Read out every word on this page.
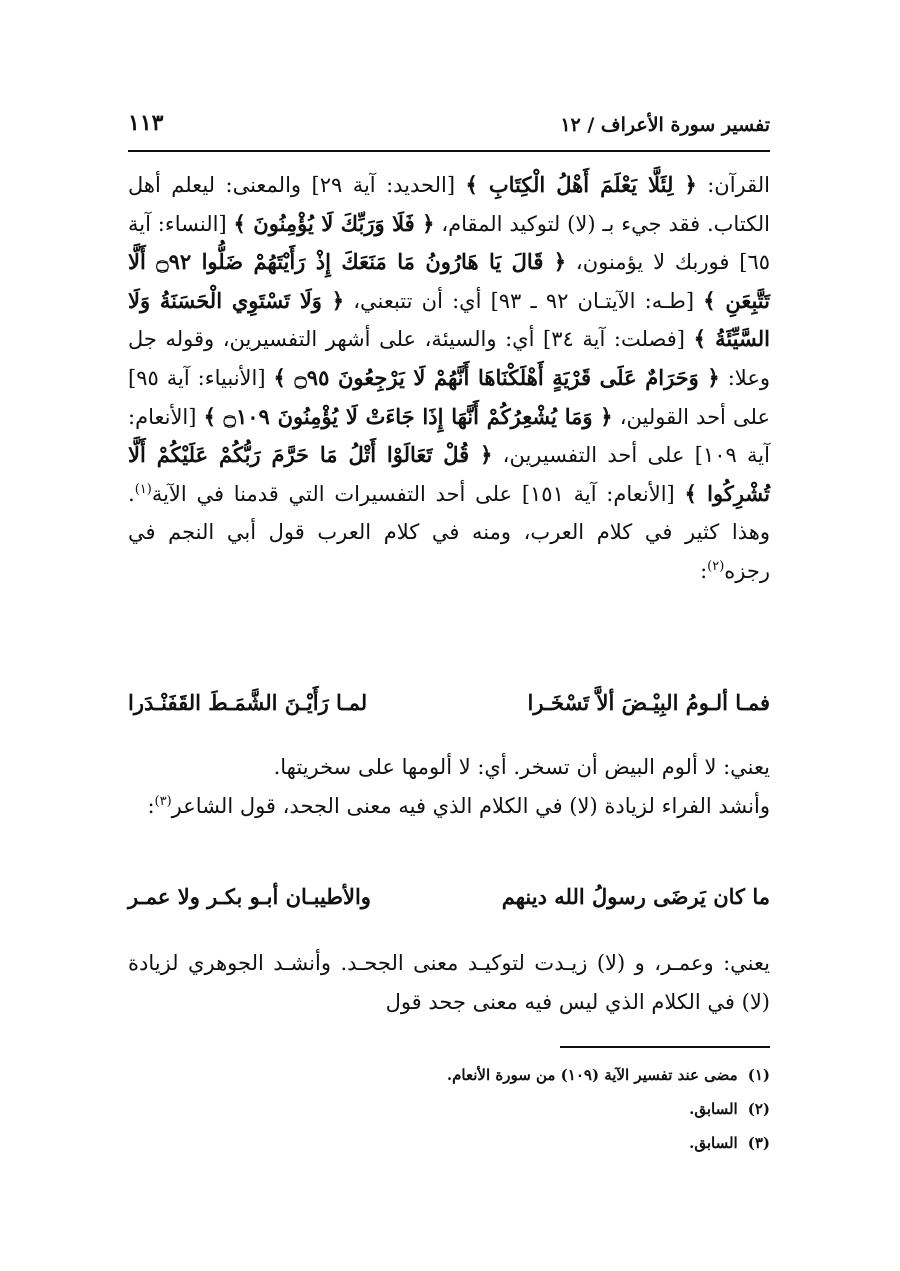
تفسير سورة الأعراف / ١٢
١١٣

القرآن: ﴿ لِئَلَّا يَعْلَمَ أَهْلُ الْكِتَابِ ﴾ [الحديد: آية ٢٩] والمعنى: ليعلم أهل الكتاب. فقد جيء بـ (لا) لتوكيد المقام، ﴿ فَلَا وَرَبِّكَ لَا يُؤْمِنُونَ ﴾ [النساء: آية ٦٥] فوربك لا يؤمنون، ﴿ قَالَ يَا هَارُونُ مَا مَنَعَكَ إِذْ رَأَيْتَهُمْ ضَلُّوا ۝٩٢ أَلَّا تَتَّبِعَنِ ﴾ [طـه: الآيتـان ٩٢ ـ ٩٣] أي: أن تتبعني، ﴿ وَلَا تَسْتَوِي الْحَسَنَةُ وَلَا السَّيِّئَةُ ﴾ [فصلت: آية ٣٤] أي: والسيئة، على أشهر التفسيرين، وقوله جل وعلا: ﴿ وَحَرَامٌ عَلَى قَرْيَةٍ أَهْلَكْنَاهَا أَنَّهُمْ لَا يَرْجِعُونَ ۝٩٥ ﴾ [الأنبياء: آية ٩٥] على أحد القولين، ﴿ وَمَا يُشْعِرُكُمْ أَنَّهَا إِذَا جَاءَتْ لَا يُؤْمِنُونَ ۝١٠٩ ﴾ [الأنعام: آية ١٠٩] على أحد التفسيرين، ﴿ قُلْ تَعَالَوْا أَتْلُ مَا حَرَّمَ رَبُّكُمْ عَلَيْكُمْ أَلَّا تُشْرِكُوا ﴾ [الأنعام: آية ١٥١] على أحد التفسيرات التي قدمنا في الآية$^{(١)}$. وهذا كثير في كلام العرب، ومنه في كلام العرب قول أبي النجم في رجزه$^{(٢)}$:

فمـا ألـومُ البِيْـضَ ألاَّ تَسْخَـرا
لمـا رَأَيْـنَ الشَّمَـطَ القَفَنْـدَرا

يعني: لا ألوم البيض أن تسخر. أي: لا ألومها على سخريتها.

وأنشد الفراء لزيادة (لا) في الكلام الذي فيه معنى الجحد، قول الشاعر$^{(٣)}$:

ما كان يَرضَى رسولُ الله دينهم
والأطيبـان أبـو بكـر ولا عمـر

يعني: وعمـر، و (لا) زيـدت لتوكيـد معنى الجحـد. وأنشـد الجوهري لزيادة (لا) في الكلام الذي ليس فيه معنى جحد قول

(١)مضى عند تفسير الآية (١٠٩) من سورة الأنعام.
(٢)السابق.
(٣)السابق.
